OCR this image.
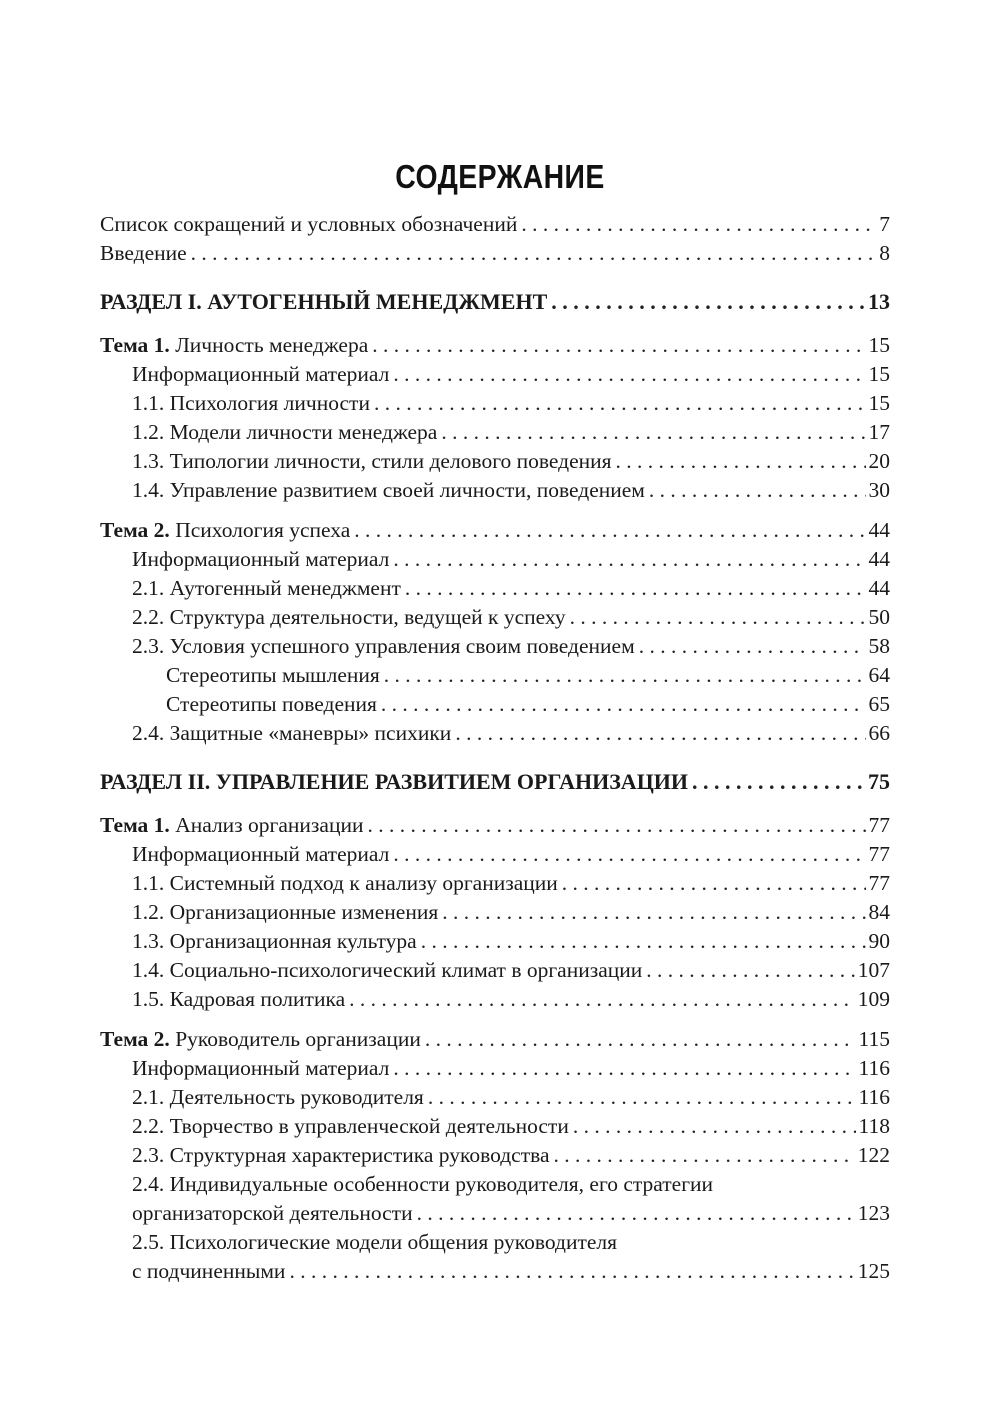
СОДЕРЖАНИЕ
Список сокращений и условных обозначений . . .	7
Введение . . .	8
РАЗДЕЛ I. АУТОГЕННЫЙ МЕНЕДЖМЕНТ . . .	13
Тема 1. Личность менеджера . . .	15
Информационный материал . . .	15
1.1. Психология личности . . .	15
1.2. Модели личности менеджера . . .	17
1.3. Типологии личности, стили делового поведения . . .	20
1.4. Управление развитием своей личности, поведением . . .	30
Тема 2. Психология успеха . . .	44
Информационный материал . . .	44
2.1. Аутогенный менеджмент . . .	44
2.2. Структура деятельности, ведущей к успеху . . .	50
2.3. Условия успешного управления своим поведением . . .	58
Стереотипы мышления . . .	64
Стереотипы поведения . . .	65
2.4. Защитные «маневры» психики . . .	66
РАЗДЕЛ II. УПРАВЛЕНИЕ РАЗВИТИЕМ ОРГАНИЗАЦИИ . . .	75
Тема 1. Анализ организации . . .	77
Информационный материал . . .	77
1.1. Системный подход к анализу организации . . .	77
1.2. Организационные изменения . . .	84
1.3. Организационная культура . . .	90
1.4. Социально-психологический климат в организации . . .	107
1.5. Кадровая политика . . .	109
Тема 2. Руководитель организации . . .	115
Информационный материал . . .	116
2.1. Деятельность руководителя . . .	116
2.2. Творчество в управленческой деятельности . . .	118
2.3. Структурная характеристика руководства . . .	122
2.4. Индивидуальные особенности руководителя, его стратегии
организаторской деятельности . . .	123
2.5. Психологические модели общения руководителя
с подчиненными . . .	125
